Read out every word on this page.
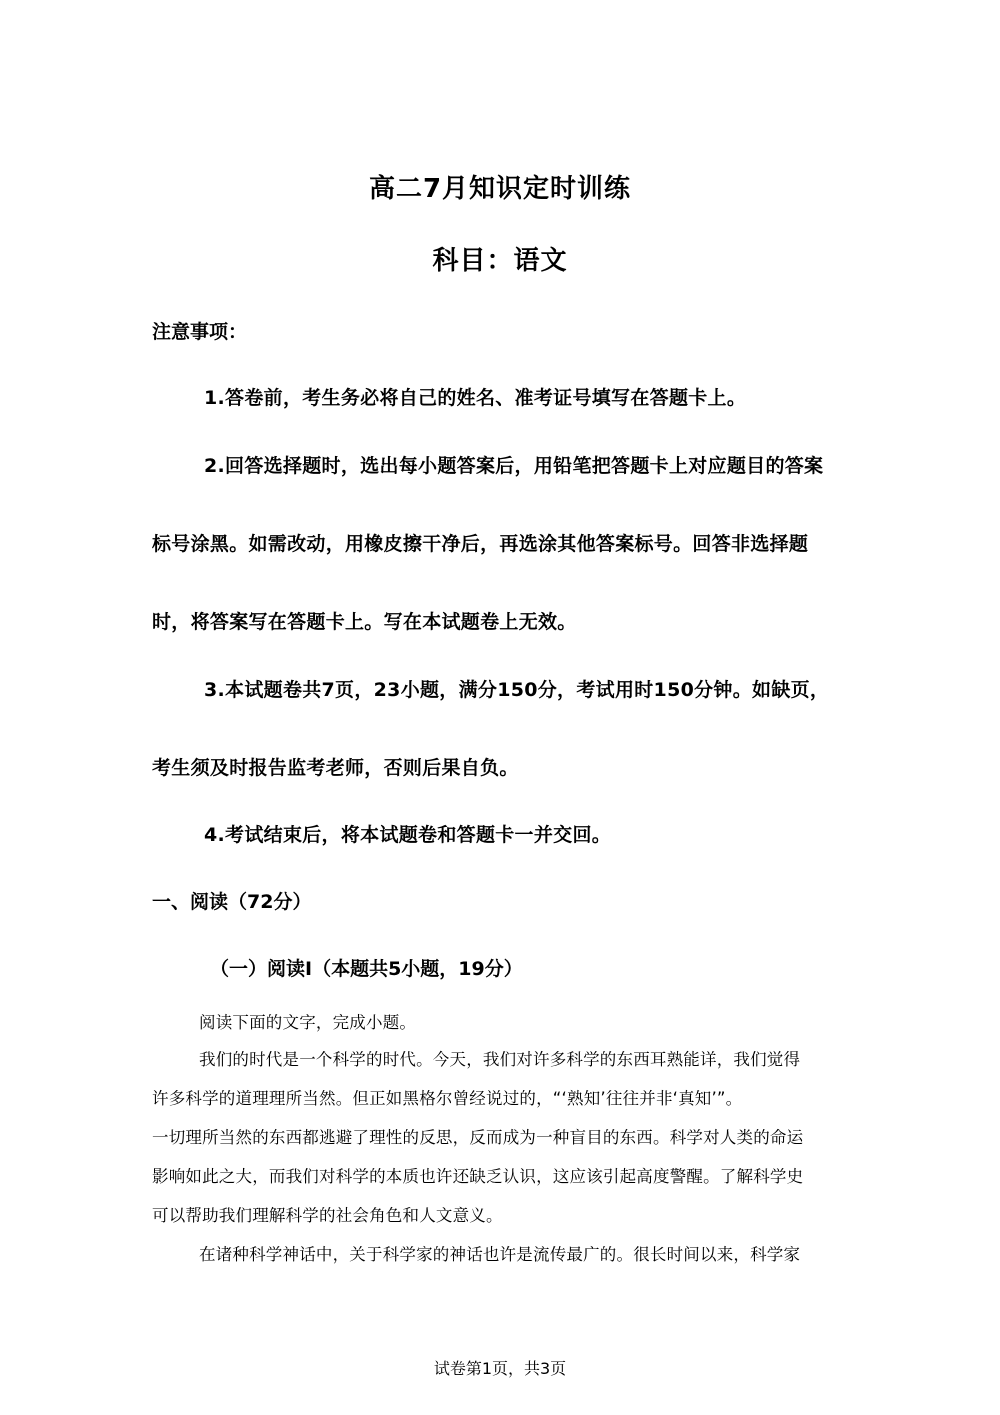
高二7月知识定时训练
科目：语文
注意事项：
1.答卷前，考生务必将自己的姓名、准考证号填写在答题卡上。
2.回答选择题时，选出每小题答案后，用铅笔把答题卡上对应题目的答案
标号涂黑。如需改动，用橡皮擦干净后，再选涂其他答案标号。回答非选择题
时，将答案写在答题卡上。写在本试题卷上无效。
3.本试题卷共7页，23小题，满分150分，考试用时150分钟。如缺页，
考生须及时报告监考老师，否则后果自负。
4.考试结束后，将本试题卷和答题卡一并交回。
一、阅读（72分）
（一）阅读Ⅰ（本题共5小题，19分）
阅读下面的文字，完成小题。
我们的时代是一个科学的时代。今天，我们对许多科学的东西耳熟能详，我们觉得
许多科学的道理理所当然。但正如黑格尔曾经说过的，“‘熟知’往往并非‘真知’”。
一切理所当然的东西都逃避了理性的反思，反而成为一种盲目的东西。科学对人类的命运
影响如此之大，而我们对科学的本质也许还缺乏认识，这应该引起高度警醒。了解科学史
可以帮助我们理解科学的社会角色和人文意义。
在诸种科学神话中，关于科学家的神话也许是流传最广的。很长时间以来，科学家
试卷第1页，共3页
